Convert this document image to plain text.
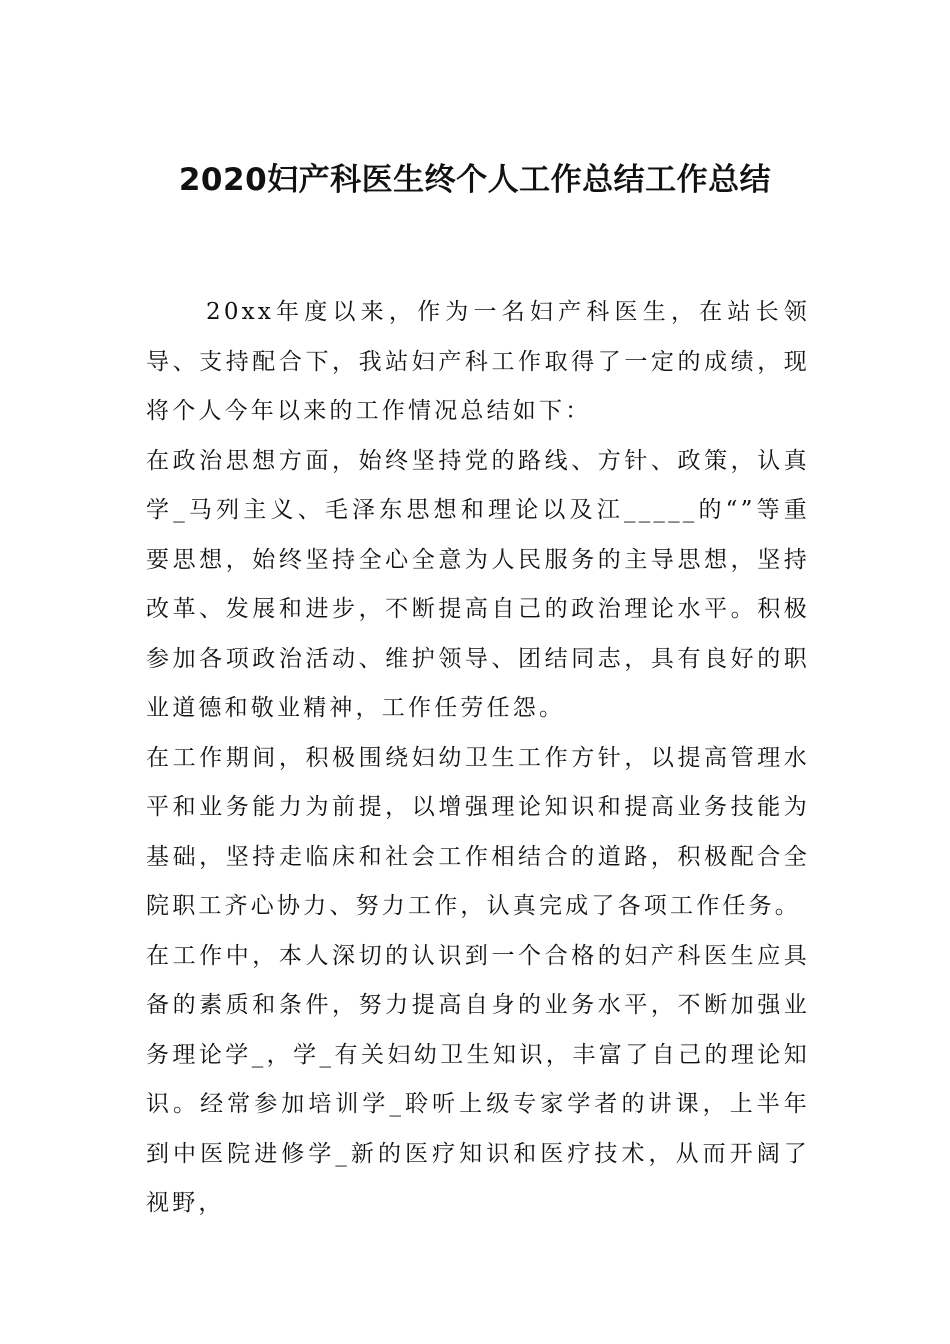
2020妇产科医生终个人工作总结工作总结

20xx年度以来，作为一名妇产科医生，在站长领导、支持配合下，我站妇产科工作取得了一定的成绩，现将个人今年以来的工作情况总结如下：

在政治思想方面，始终坚持党的路线、方针、政策，认真学_马列主义、毛泽东思想和理论以及江_____的“”等重要思想，始终坚持全心全意为人民服务的主导思想，坚持改革、发展和进步，不断提高自己的政治理论水平。积极参加各项政治活动、维护领导、团结同志，具有良好的职业道德和敬业精神，工作任劳任怨。

在工作期间，积极围绕妇幼卫生工作方针，以提高管理水平和业务能力为前提，以增强理论知识和提高业务技能为基础，坚持走临床和社会工作相结合的道路，积极配合全院职工齐心协力、努力工作，认真完成了各项工作任务。

在工作中，本人深切的认识到一个合格的妇产科医生应具备的素质和条件，努力提高自身的业务水平，不断加强业务理论学_，学_有关妇幼卫生知识，丰富了自己的理论知识。经常参加培训学_聆听上级专家学者的讲课，上半年到中医院进修学_新的医疗知识和医疗技术，从而开阔了视野，
